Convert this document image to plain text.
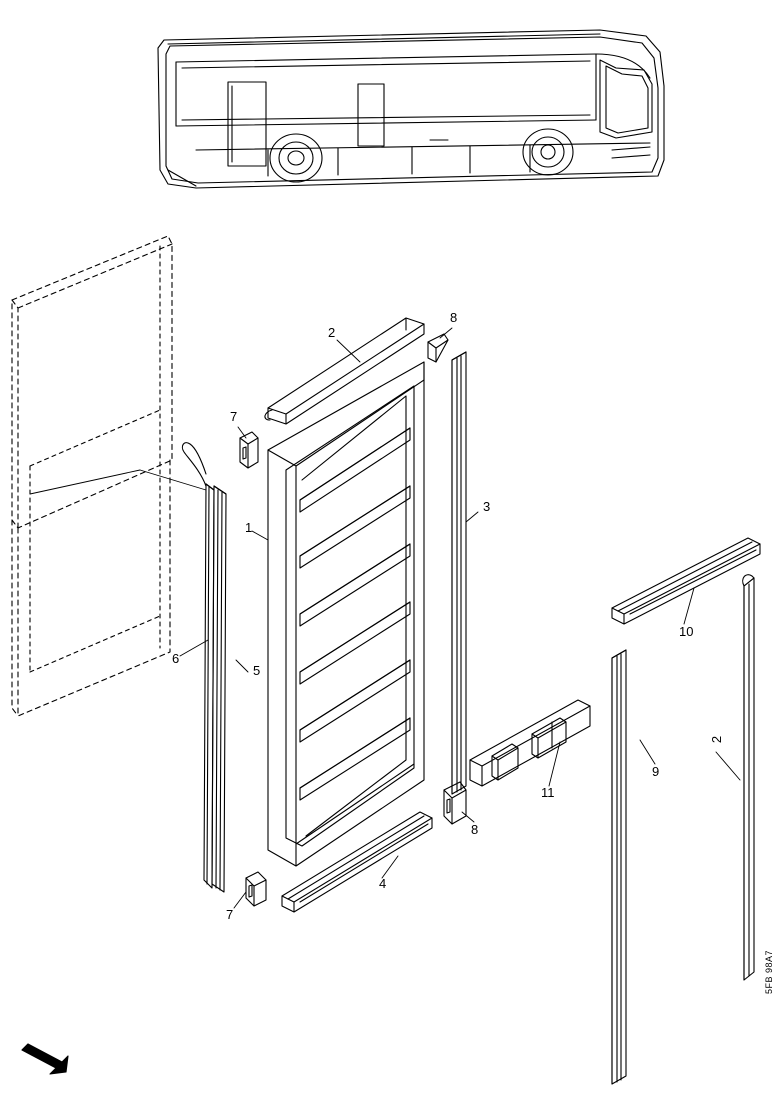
1
2
3
4
5
6
7
7
8
8
9
10
11
2
5FB 98A7
